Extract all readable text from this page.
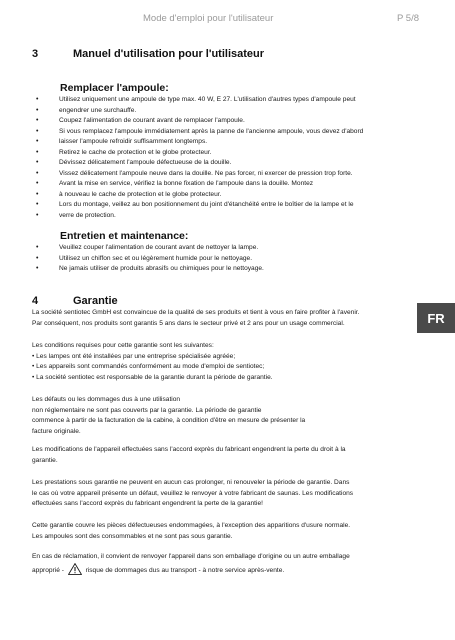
Mode d'emploi pour l'utilisateur	P 5/8
3	Manuel d'utilisation pour l'utilisateur
Remplacer l'ampoule:
• Utilisez uniquement une ampoule de type max. 40 W, E 27. L'utilisation d'autres types d'ampoule peut
• engendrer une surchauffe.
• Coupez l'alimentation de courant avant de remplacer l'ampoule.
• Si vous remplacez l'ampoule immédiatement après la panne de l'ancienne ampoule, vous devez d'abord
• laisser l'ampoule refroidir suffisamment longtemps.
• Retirez le cache de protection et le globe protecteur.
• Dévissez délicatement l'ampoule défectueuse de la douille.
• Vissez délicatement l'ampoule neuve dans la douille. Ne pas forcer, ni exercer de pression trop forte.
• Avant la mise en service, vérifiez la bonne fixation de l'ampoule dans la douille. Montez
• à nouveau le cache de protection et le globe protecteur.
• Lors du montage, veillez au bon positionnement du joint d'étanchéité entre le boîtier de la lampe et le
• verre de protection.
Entretien et maintenance:
• Veuillez couper l'alimentation de courant avant de nettoyer la lampe.
• Utilisez un chiffon sec et ou légèrement humide pour le nettoyage.
• Ne jamais utiliser de produits abrasifs ou chimiques pour le nettoyage.
4	Garantie
FR
La société sentiotec GmbH est convaincue de la qualité de ses produits et tient à vous en faire profiter à l'avenir.
Par conséquent, nos produits sont garantis 5 ans dans le secteur privé et 2 ans pour un usage commercial.
Les conditions requises pour cette garantie sont les suivantes:
• Les lampes ont été installées par une entreprise spécialisée agréée;
• Les appareils sont commandés conformément au mode d'emploi de sentiotec;
• La société sentiotec est responsable de la garantie durant la période de garantie.
Les défauts ou les dommages dus à une utilisation
non réglementaire ne sont pas couverts par la garantie. La période de garantie
commence à partir de la facturation de la cabine, à condition d'être en mesure de présenter la
facture originale.
Les modifications de l'appareil effectuées sans l'accord exprès du fabricant engendrent la perte du droit à la
garantie.
Les prestations sous garantie ne peuvent en aucun cas prolonger, ni renouveler la période de garantie. Dans
le cas où votre appareil présente un défaut, veuillez le renvoyer à votre fabricant de saunas. Les modifications
effectuées sans l'accord exprès du fabricant engendrent la perte de la garantie!
Cette garantie couvre les pièces défectueuses endommagées, à l'exception des apparitions d'usure normale.
Les ampoules sont des consommables et ne sont pas sous garantie.
En cas de réclamation, il convient de renvoyer l'appareil dans son emballage d'origine ou un autre emballage
approprié -	risque de dommages dus au transport - à notre service après-vente.
